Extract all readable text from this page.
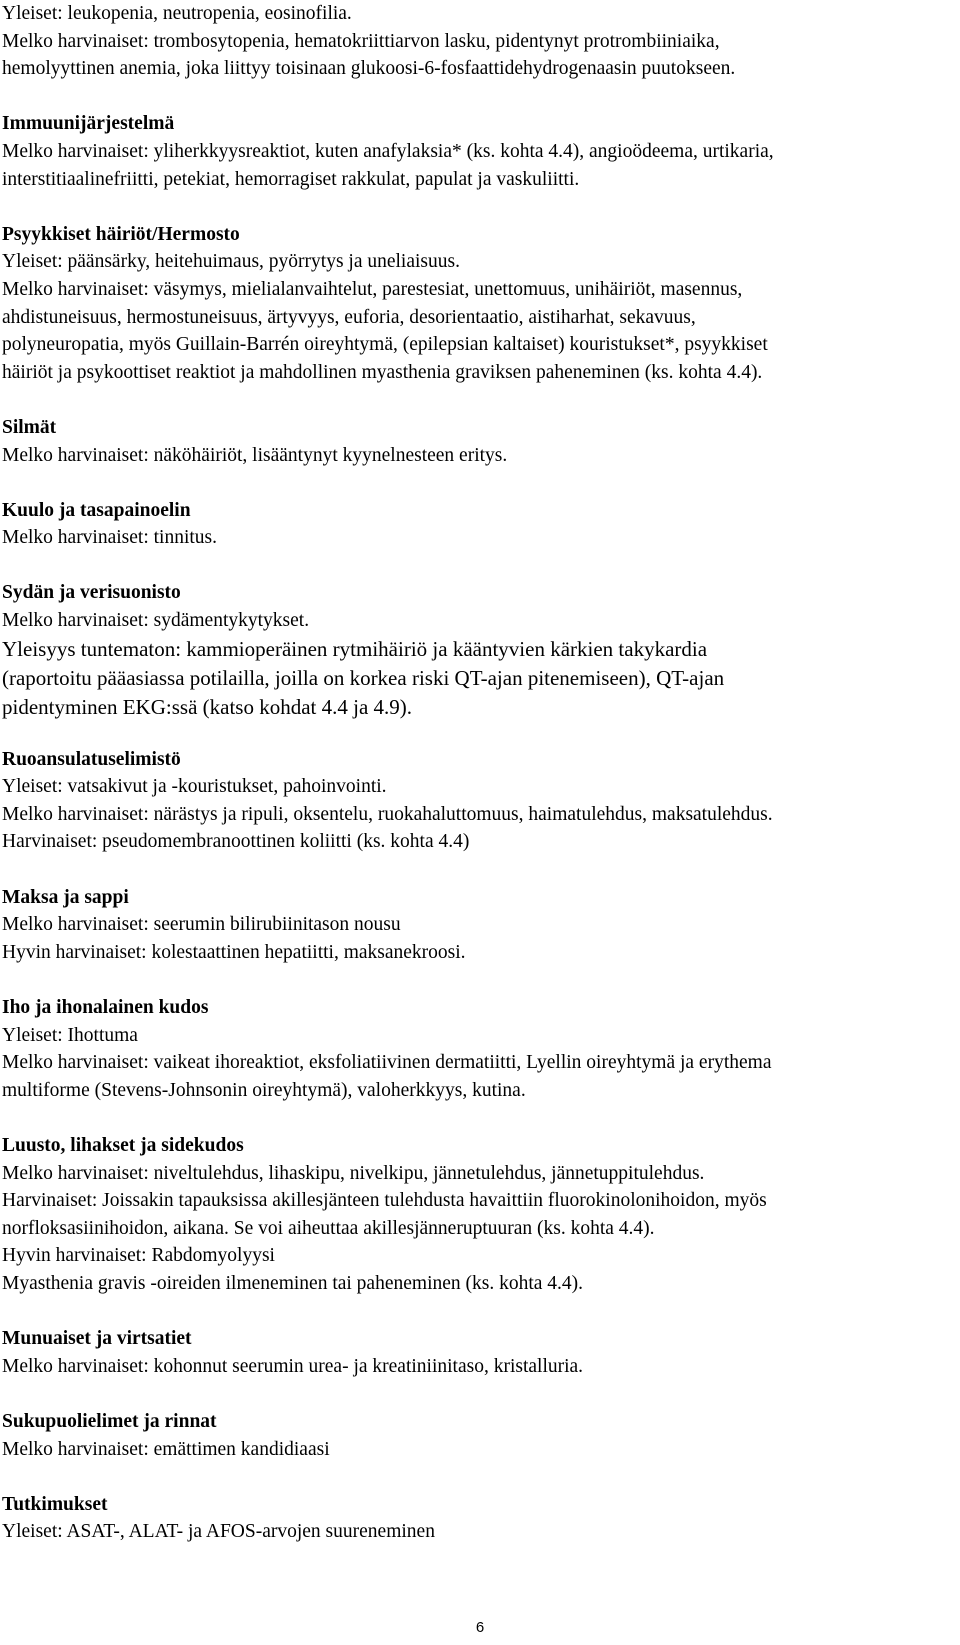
Yleiset: leukopenia, neutropenia, eosinofilia.

Melko harvinaiset: trombosytopenia, hematokriittiarvon lasku, pidentynyt protrombiiniaika,

hemolyyttinen anemia, joka liittyy toisinaan glukoosi-6-fosfaattidehydrogenaasin puutokseen.

Immuunijärjestelmä

Melko harvinaiset: yliherkkyysreaktiot, kuten anafylaksia* (ks. kohta 4.4), angioödeema, urtikaria,

interstitiaalinefriitti, petekiat, hemorragiset rakkulat, papulat ja vaskuliitti.

Psyykkiset häiriöt/Hermosto

Yleiset: päänsärky, heitehuimaus, pyörrytys ja uneliaisuus.

Melko harvinaiset: väsymys, mielialanvaihtelut, parestesiat, unettomuus, unihäiriöt, masennus,

ahdistuneisuus, hermostuneisuus, ärtyvyys, euforia, desorientaatio, aistiharhat, sekavuus,

polyneuropatia, myös Guillain-Barrén oireyhtymä, (epilepsian kaltaiset) kouristukset*, psyykkiset

häiriöt ja psykoottiset reaktiot ja mahdollinen myasthenia graviksen paheneminen (ks. kohta 4.4).

Silmät

Melko harvinaiset: näköhäiriöt, lisääntynyt kyynelnesteen eritys.

Kuulo ja tasapainoelin

Melko harvinaiset: tinnitus.

Sydän ja verisuonisto

Melko harvinaiset: sydämentykytykset.

Yleisyys tuntematon: kammioperäinen rytmihäiriö ja kääntyvien kärkien takykardia

(raportoitu pääasiassa potilailla, joilla on korkea riski QT-ajan pitenemiseen), QT-ajan

pidentyminen EKG:ssä (katso kohdat 4.4 ja 4.9).

Ruoansulatuselimistö

Yleiset: vatsakivut ja -kouristukset, pahoinvointi.

Melko harvinaiset: närästys ja ripuli, oksentelu, ruokahaluttomuus, haimatulehdus, maksatulehdus.

Harvinaiset: pseudomembranoottinen koliitti (ks. kohta 4.4)

Maksa ja sappi

Melko harvinaiset: seerumin bilirubiinitason nousu

Hyvin harvinaiset: kolestaattinen hepatiitti, maksanekroosi.

Iho ja ihonalainen kudos

Yleiset: Ihottuma

Melko harvinaiset: vaikeat ihoreaktiot, eksfoliatiivinen dermatiitti, Lyellin oireyhtymä ja erythema

multiforme (Stevens-Johnsonin oireyhtymä), valoherkkyys, kutina.

Luusto, lihakset ja sidekudos

Melko harvinaiset: niveltulehdus, lihaskipu, nivelkipu, jännetulehdus, jännetuppitulehdus.

Harvinaiset: Joissakin tapauksissa akillesjänteen tulehdusta havaittiin fluorokinolonihoidon, myös

norfloksasiinihoidon, aikana. Se voi aiheuttaa akillesjänneruptuuran (ks. kohta 4.4).

Hyvin harvinaiset: Rabdomyolyysi

Myasthenia gravis -oireiden ilmeneminen tai paheneminen (ks. kohta 4.4).

Munuaiset ja virtsatiet

Melko harvinaiset: kohonnut seerumin urea- ja kreatiniinitaso, kristalluria.

Sukupuolielimet ja rinnat

Melko harvinaiset: emättimen kandidiaasi

Tutkimukset

Yleiset: ASAT-, ALAT- ja AFOS-arvojen suureneminen

6
